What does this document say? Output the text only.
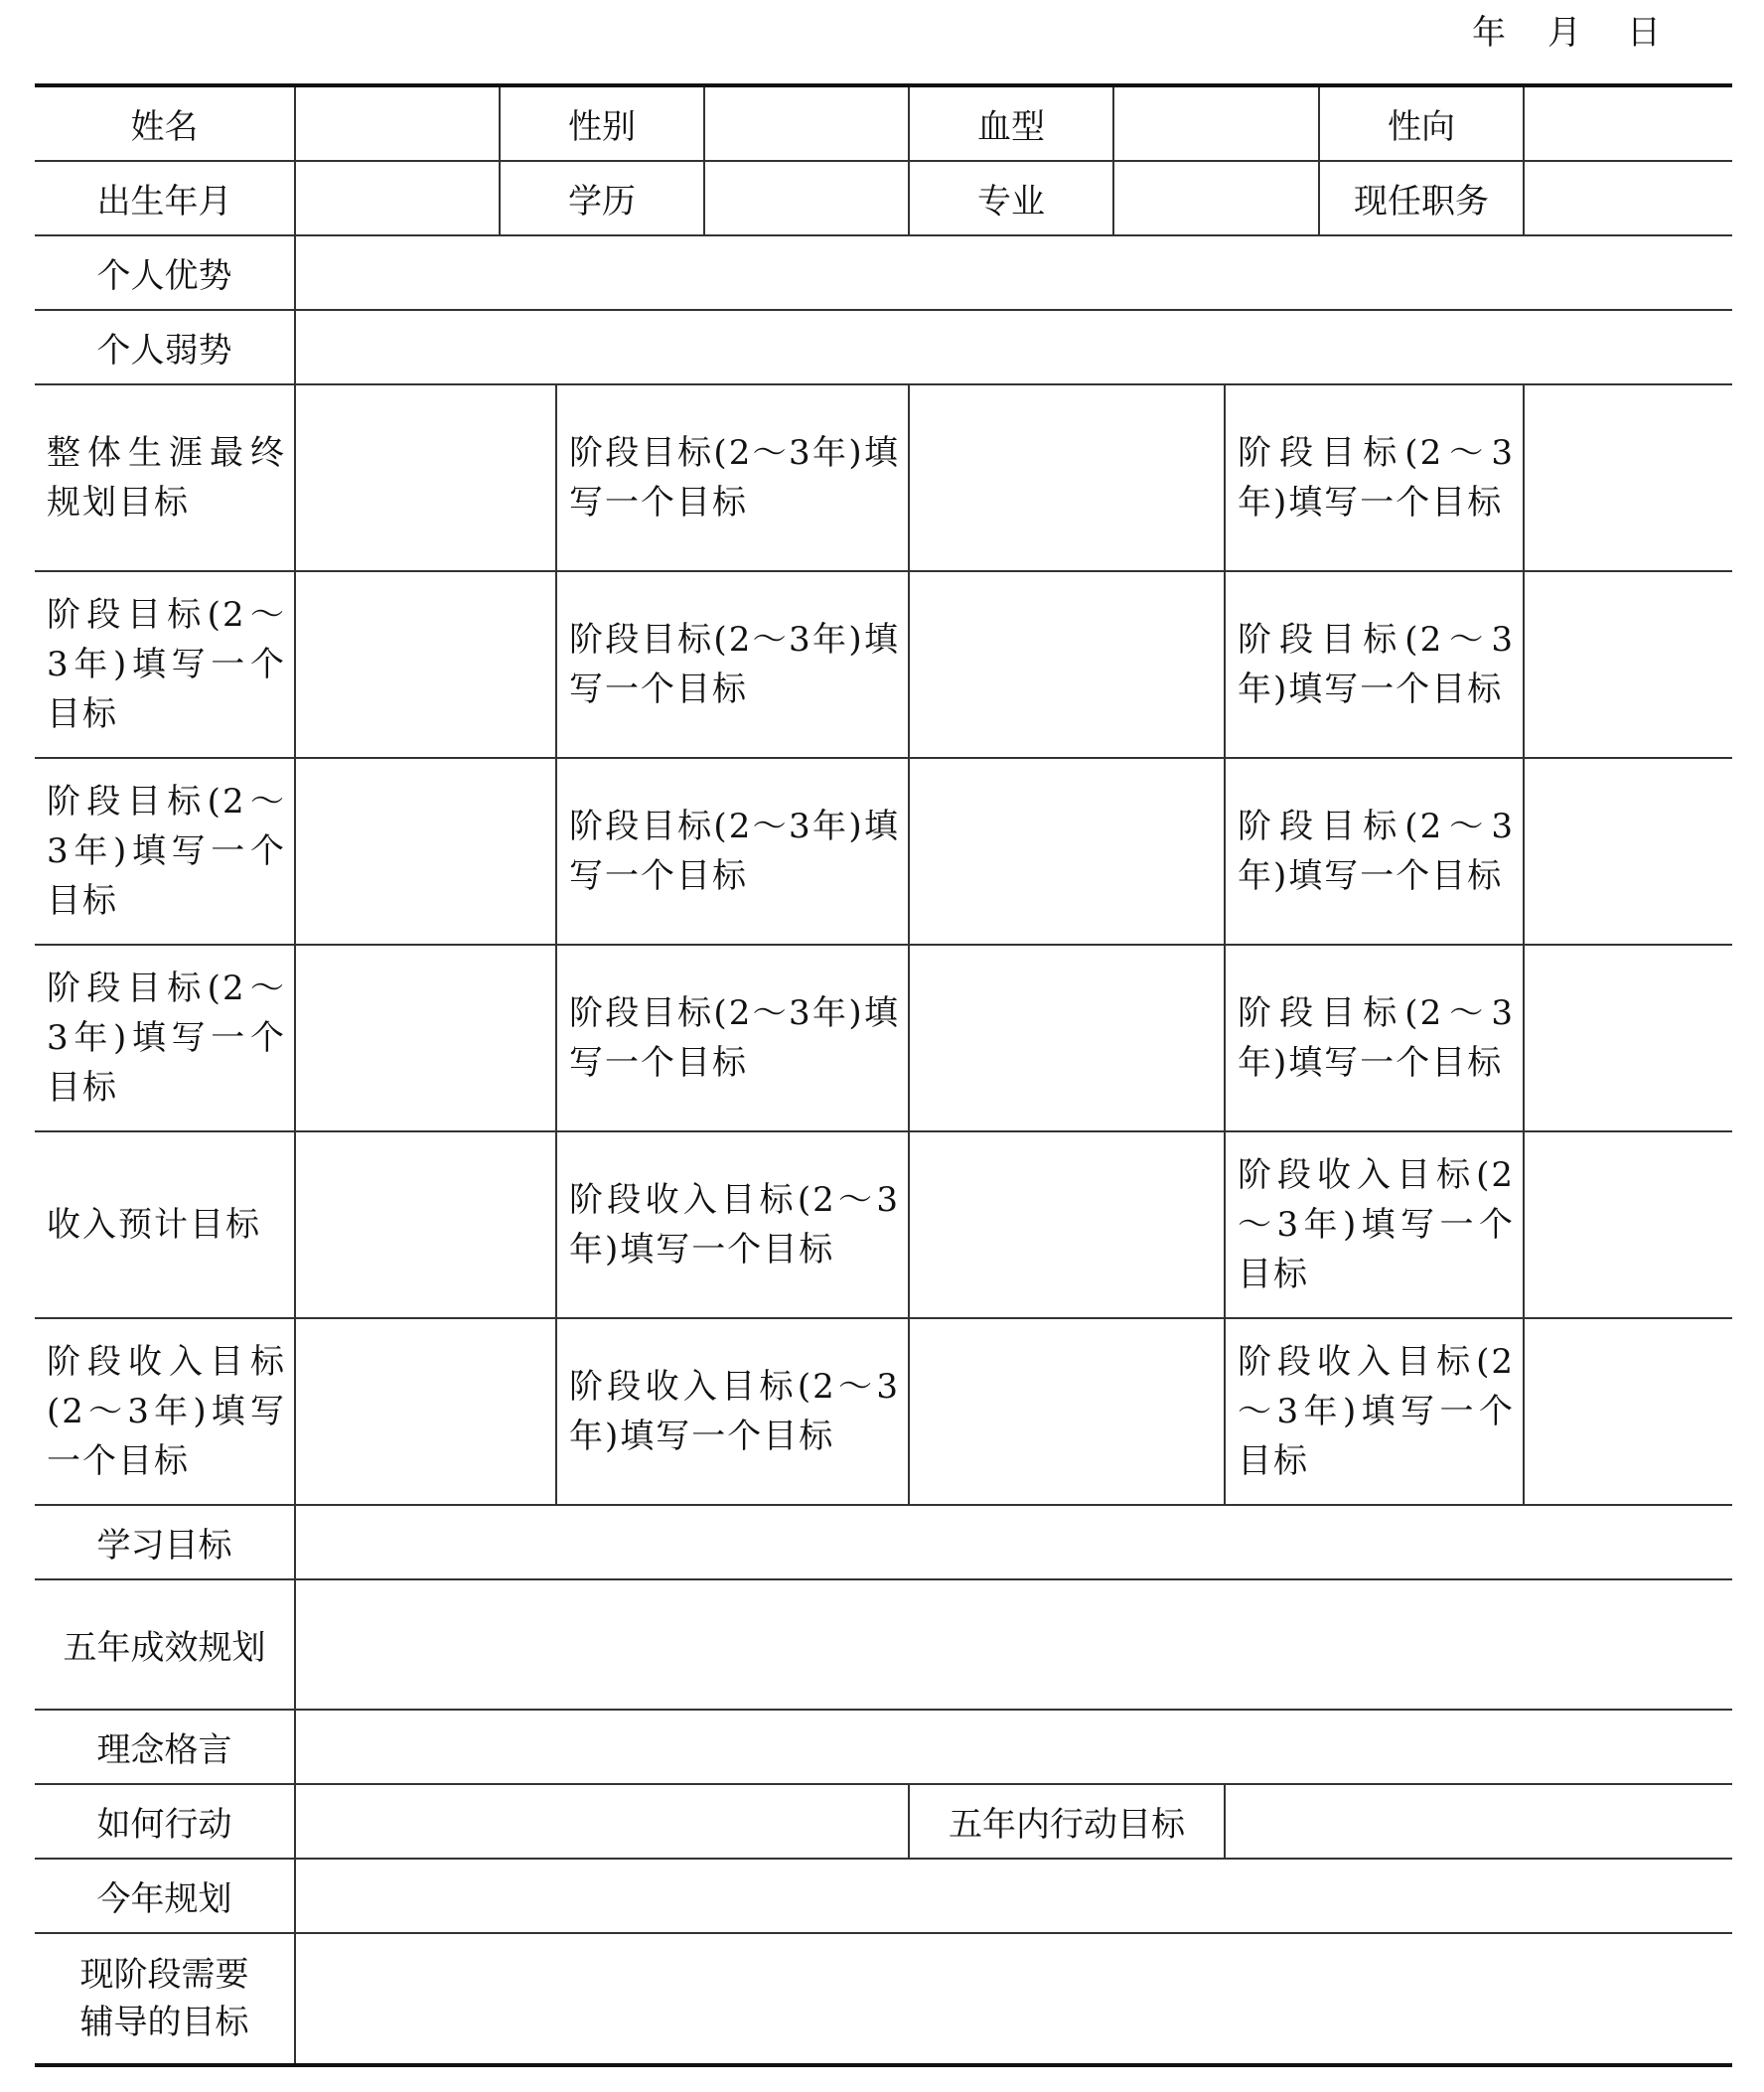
年 月 日
姓名		性别			血型			性向	
出生年月		学历			专业			现任职务	
个人优势									
个人弱势									
整体生涯最终规划目标			阶段目标(2～3年)填写一个目标				阶段目标(2～3年)填写一个目标		
阶段目标(2～3年)填写一个目标			阶段目标(2～3年)填写一个目标				阶段目标(2～3年)填写一个目标		
阶段目标(2～3年)填写一个目标			阶段目标(2～3年)填写一个目标				阶段目标(2～3年)填写一个目标		
阶段目标(2～3年)填写一个目标			阶段目标(2～3年)填写一个目标				阶段目标(2～3年)填写一个目标		
收入预计目标			阶段收入目标(2～3年)填写一个目标				阶段收入目标(2～3年)填写一个目标		
阶段收入目标(2～3年)填写一个目标			阶段收入目标(2～3年)填写一个目标				阶段收入目标(2～3年)填写一个目标		
学习目标									
五年成效规划									
理念格言									
如何行动					五年内行动目标				
今年规划									
现阶段需要辅导的目标									
